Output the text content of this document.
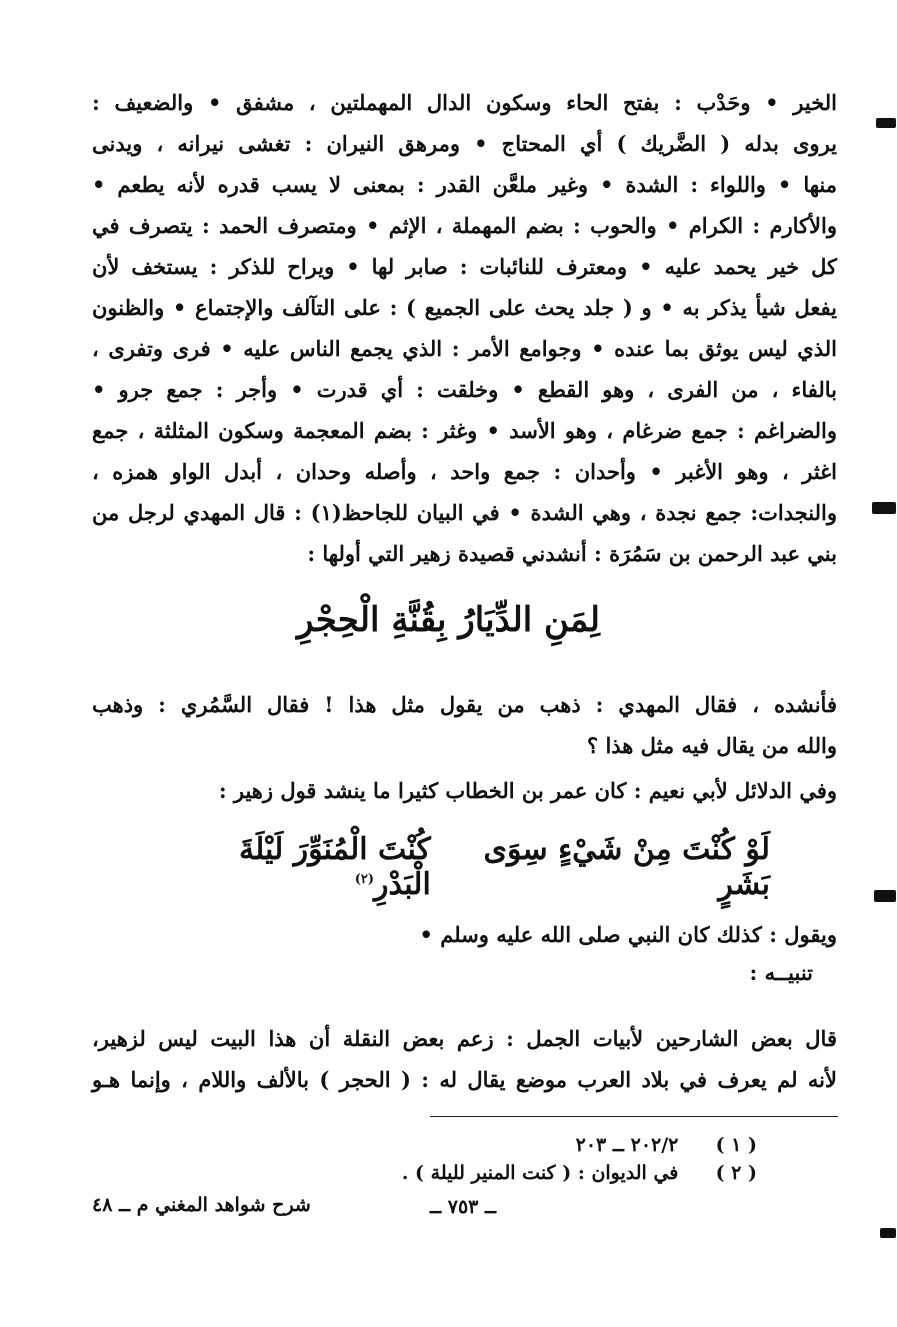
الخير • وحَدْب : بفتح الحاء وسكون الدال المهملتين ، مشفق • والضعيف :

يروى بدله ( الضَّريك ) أي المحتاج • ومرهق النيران : تغشى نيرانه ، ويدنى

منها • واللواء : الشدة • وغير ملعَّن القدر : بمعنى لا يسب قدره لأنه يطعم •

والأكارم : الكرام • والحوب : بضم المهملة ، الإثم • ومتصرف الحمد : يتصرف في

كل خير يحمد عليه • ومعترف للنائبات : صابر لها • ويراح للذكر : يستخف لأن

يفعل شيأ يذكر به • و ( جلد يحث على الجميع ) : على التآلف والإجتماع • والظنون

الذي ليس يوثق بما عنده • وجوامع الأمر : الذي يجمع الناس عليه • فرى وتفرى ،

بالفاء ، من الفرى ، وهو القطع • وخلقت : أي قدرت • وأجر : جمع جرو •

والضراغم : جمع ضرغام ، وهو الأسد • وغثر : بضم المعجمة وسكون المثلثة ، جمع

اغثر ، وهو الأغبر • وأحدان : جمع واحد ، وأصله وحدان ، أبدل الواو همزه ،

والنجدات: جمع نجدة ، وهي الشدة • في البيان للجاحظ(١) : قال المهدي لرجل من

بني عبد الرحمن بن سَمُرَة : أنشدني قصيدة زهير التي أولها :

لِمَنِ الدِّيَارُ بِقُنَّةِ الْحِجْرِ

فأنشده ، فقال المهدي : ذهب من يقول مثل هذا ! فقال السَّمُري : وذهب

والله من يقال فيه مثل هذا ؟

وفي الدلائل لأبي نعيم : كان عمر بن الخطاب كثيرا ما ينشد قول زهير :

لَوْ كُنْتَ مِنْ شَيْءٍ سِوَى بَشَرٍ
كُنْتَ الْمُنَوِّرَ لَيْلَةَ الْبَدْرِ$^{(٢)}$

ويقول : كذلك كان النبي صلى الله عليه وسلم •

تنبيــه :

قال بعض الشارحين لأبيات الجمل : زعم بعض النقلة أن هذا البيت ليس لزهير،

لأنه لم يعرف في بلاد العرب موضع يقال له : ( الحجر ) بالألف واللام ، وإنما هـو

( ١ ) ٢٠٢/٢ ــ ٢٠٣
( ٢ ) في الديوان : ( كنت المنير لليلة ) .
شرح شواهد المغني م ــ ٤٨	ــ ٧٥٣ ــ
